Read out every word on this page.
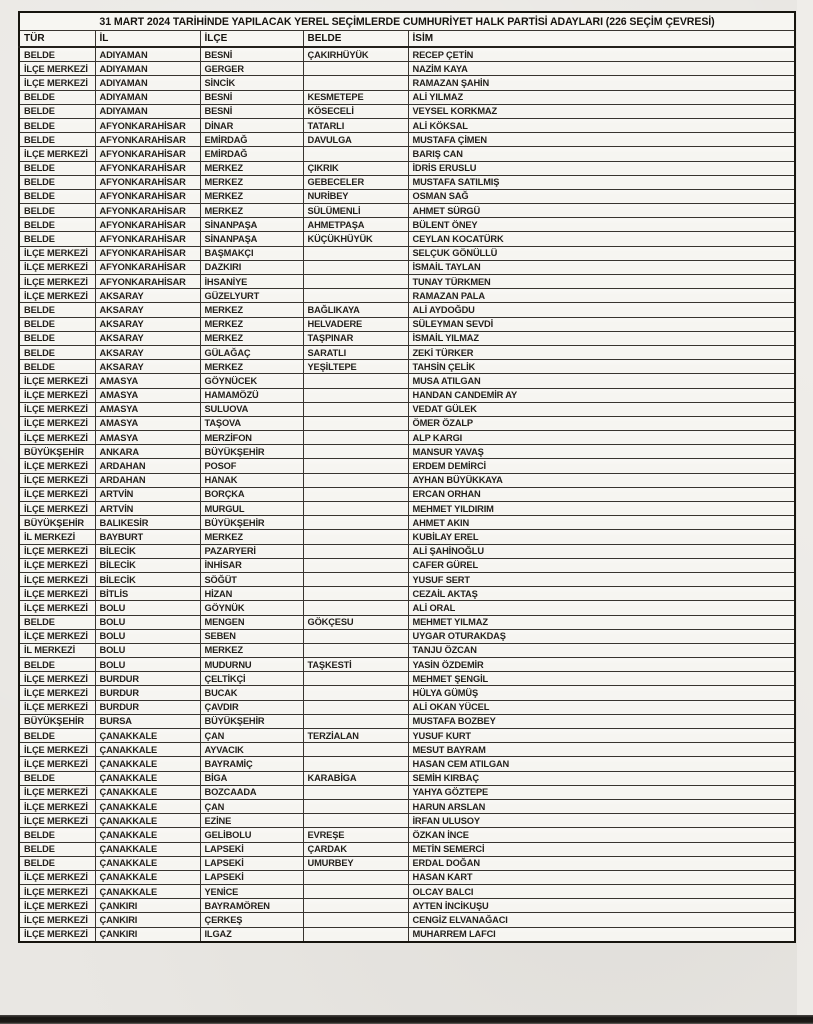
31 MART 2024 TARİHİNDE YAPILACAK YEREL SEÇİMLERDE CUMHURİYET HALK PARTİSİ ADAYLARI (226 SEÇİM ÇEVRESİ)				
TÜR	İL	İLÇE	BELDE	İSİM
BELDE	ADIYAMAN	BESNİ	ÇAKIRHÜYÜK	RECEP ÇETİN
İLÇE MERKEZİ	ADIYAMAN	GERGER		NAZİM KAYA
İLÇE MERKEZİ	ADIYAMAN	SİNCİK		RAMAZAN ŞAHİN
BELDE	ADIYAMAN	BESNİ	KESMETEPE	ALİ YILMAZ
BELDE	ADIYAMAN	BESNİ	KÖSECELİ	VEYSEL KORKMAZ
BELDE	AFYONKARAHİSAR	DİNAR	TATARLI	ALİ KÖKSAL
BELDE	AFYONKARAHİSAR	EMİRDAĞ	DAVULGA	MUSTAFA ÇİMEN
İLÇE MERKEZİ	AFYONKARAHİSAR	EMİRDAĞ		BARIŞ CAN
BELDE	AFYONKARAHİSAR	MERKEZ	ÇIKRIK	İDRİS ERUSLU
BELDE	AFYONKARAHİSAR	MERKEZ	GEBECELER	MUSTAFA SATILMIŞ
BELDE	AFYONKARAHİSAR	MERKEZ	NURİBEY	OSMAN SAĞ
BELDE	AFYONKARAHİSAR	MERKEZ	SÜLÜMENLİ	AHMET SÜRGÜ
BELDE	AFYONKARAHİSAR	SİNANPAŞA	AHMETPAŞA	BÜLENT ÖNEY
BELDE	AFYONKARAHİSAR	SİNANPAŞA	KÜÇÜKHÜYÜK	CEYLAN KOCATÜRK
İLÇE MERKEZİ	AFYONKARAHİSAR	BAŞMAKÇI		SELÇUK GÖNÜLLÜ
İLÇE MERKEZİ	AFYONKARAHİSAR	DAZKIRI		İSMAİL TAYLAN
İLÇE MERKEZİ	AFYONKARAHİSAR	İHSANİYE		TUNAY TÜRKMEN
İLÇE MERKEZİ	AKSARAY	GÜZELYURT		RAMAZAN PALA
BELDE	AKSARAY	MERKEZ	BAĞLIKAYA	ALİ AYDOĞDU
BELDE	AKSARAY	MERKEZ	HELVADERE	SÜLEYMAN SEVDİ
BELDE	AKSARAY	MERKEZ	TAŞPINAR	İSMAİL YILMAZ
BELDE	AKSARAY	GÜLAĞAÇ	SARATLI	ZEKİ TÜRKER
BELDE	AKSARAY	MERKEZ	YEŞİLTEPE	TAHSİN ÇELİK
İLÇE MERKEZİ	AMASYA	GÖYNÜCEK		MUSA ATILGAN
İLÇE MERKEZİ	AMASYA	HAMAMÖZÜ		HANDAN CANDEMİR AY
İLÇE MERKEZİ	AMASYA	SULUOVA		VEDAT GÜLEK
İLÇE MERKEZİ	AMASYA	TAŞOVA		ÖMER ÖZALP
İLÇE MERKEZİ	AMASYA	MERZİFON		ALP KARGI
BÜYÜKŞEHİR	ANKARA	BÜYÜKŞEHİR		MANSUR YAVAŞ
İLÇE MERKEZİ	ARDAHAN	POSOF		ERDEM DEMİRCİ
İLÇE MERKEZİ	ARDAHAN	HANAK		AYHAN BÜYÜKKAYA
İLÇE MERKEZİ	ARTVİN	BORÇKA		ERCAN ORHAN
İLÇE MERKEZİ	ARTVİN	MURGUL		MEHMET YILDIRIM
BÜYÜKŞEHİR	BALIKESİR	BÜYÜKŞEHİR		AHMET AKIN
İL MERKEZİ	BAYBURT	MERKEZ		KUBİLAY EREL
İLÇE MERKEZİ	BİLECİK	PAZARYERİ		ALİ ŞAHİNOĞLU
İLÇE MERKEZİ	BİLECİK	İNHİSAR		CAFER GÜREL
İLÇE MERKEZİ	BİLECİK	SÖĞÜT		YUSUF SERT
İLÇE MERKEZİ	BİTLİS	HİZAN		CEZAİL AKTAŞ
İLÇE MERKEZİ	BOLU	GÖYNÜK		ALİ ORAL
BELDE	BOLU	MENGEN	GÖKÇESU	MEHMET YILMAZ
İLÇE MERKEZİ	BOLU	SEBEN		UYGAR OTURAKDAŞ
İL MERKEZİ	BOLU	MERKEZ		TANJU ÖZCAN
BELDE	BOLU	MUDURNU	TAŞKESTİ	YASİN ÖZDEMİR
İLÇE MERKEZİ	BURDUR	ÇELTİKÇİ		MEHMET ŞENGİL
İLÇE MERKEZİ	BURDUR	BUCAK		HÜLYA GÜMÜŞ
İLÇE MERKEZİ	BURDUR	ÇAVDIR		ALİ OKAN YÜCEL
BÜYÜKŞEHİR	BURSA	BÜYÜKŞEHİR		MUSTAFA BOZBEY
BELDE	ÇANAKKALE	ÇAN	TERZİALAN	YUSUF KURT
İLÇE MERKEZİ	ÇANAKKALE	AYVACIK		MESUT BAYRAM
İLÇE MERKEZİ	ÇANAKKALE	BAYRAMİÇ		HASAN CEM ATILGAN
BELDE	ÇANAKKALE	BİGA	KARABİGA	SEMİH KIRBAÇ
İLÇE MERKEZİ	ÇANAKKALE	BOZCAADA		YAHYA GÖZTEPE
İLÇE MERKEZİ	ÇANAKKALE	ÇAN		HARUN ARSLAN
İLÇE MERKEZİ	ÇANAKKALE	EZİNE		İRFAN ULUSOY
BELDE	ÇANAKKALE	GELİBOLU	EVREŞE	ÖZKAN İNCE
BELDE	ÇANAKKALE	LAPSEKİ	ÇARDAK	METİN SEMERCİ
BELDE	ÇANAKKALE	LAPSEKİ	UMURBEY	ERDAL DOĞAN
İLÇE MERKEZİ	ÇANAKKALE	LAPSEKİ		HASAN KART
İLÇE MERKEZİ	ÇANAKKALE	YENİCE		OLCAY BALCI
İLÇE MERKEZİ	ÇANKIRI	BAYRAMÖREN		AYTEN İNCİKUŞU
İLÇE MERKEZİ	ÇANKIRI	ÇERKEŞ		CENGİZ ELVANAĞACI
İLÇE MERKEZİ	ÇANKIRI	ILGAZ		MUHARREM LAFCI
